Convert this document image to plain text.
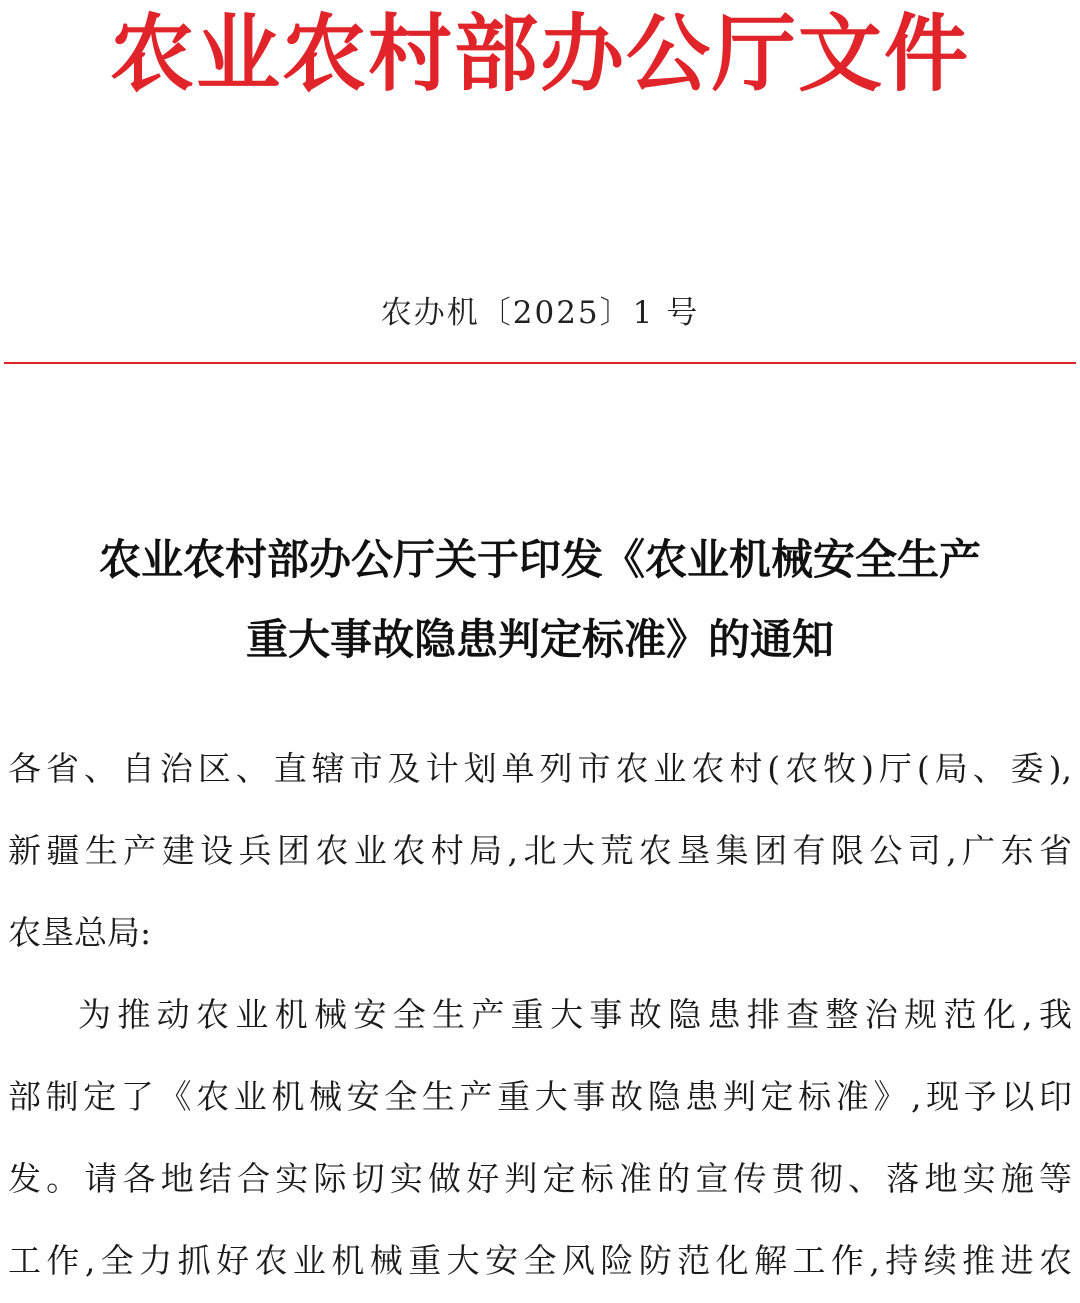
农业农村部办公厅文件
农办机〔2025〕1 号
农业农村部办公厅关于印发《农业机械安全生产
重大事故隐患判定标准》的通知
各省、自治区、直辖市及计划单列市农业农村(农牧)厅(局、委),
新疆生产建设兵团农业农村局,北大荒农垦集团有限公司,广东省
农垦总局:
为推动农业机械安全生产重大事故隐患排查整治规范化,我
部制定了《农业机械安全生产重大事故隐患判定标准》,现予以印
发。请各地结合实际切实做好判定标准的宣传贯彻、落地实施等
工作,全力抓好农业机械重大安全风险防范化解工作,持续推进农
